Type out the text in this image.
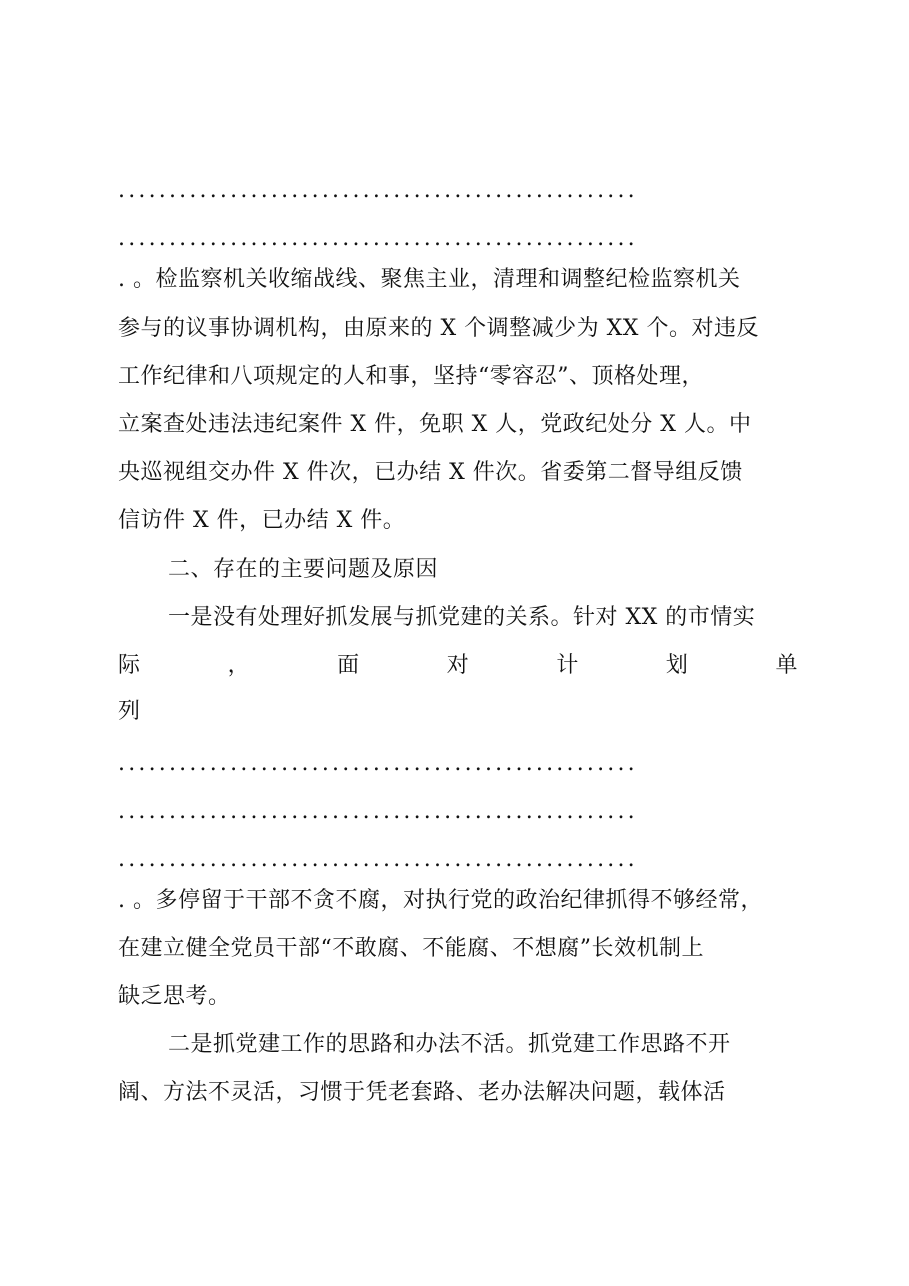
...................................................
...................................................
. 。检监察机关收缩战线、聚焦主业，清理和调整纪检监察机关
参与的议事协调机构，由原来的 X 个调整减少为 XX 个。对违反
工作纪律和八项规定的人和事，坚持“零容忍”、顶格处理，
立案查处违法违纪案件 X 件，免职 X 人，党政纪处分 X 人。中
央巡视组交办件 X 件次，已办结 X 件次。省委第二督导组反馈
信访件 X 件，已办结 X 件。
二、存在的主要问题及原因
一是没有处理好抓发展与抓党建的关系。针对 XX 的市情实
际	，	面	对	计	划	单
列
...................................................
...................................................
...................................................
. 。多停留于干部不贪不腐，对执行党的政治纪律抓得不够经常，
在建立健全党员干部“不敢腐、不能腐、不想腐”长效机制上
缺乏思考。
二是抓党建工作的思路和办法不活。抓党建工作思路不开
阔、方法不灵活，习惯于凭老套路、老办法解决问题，载体活
